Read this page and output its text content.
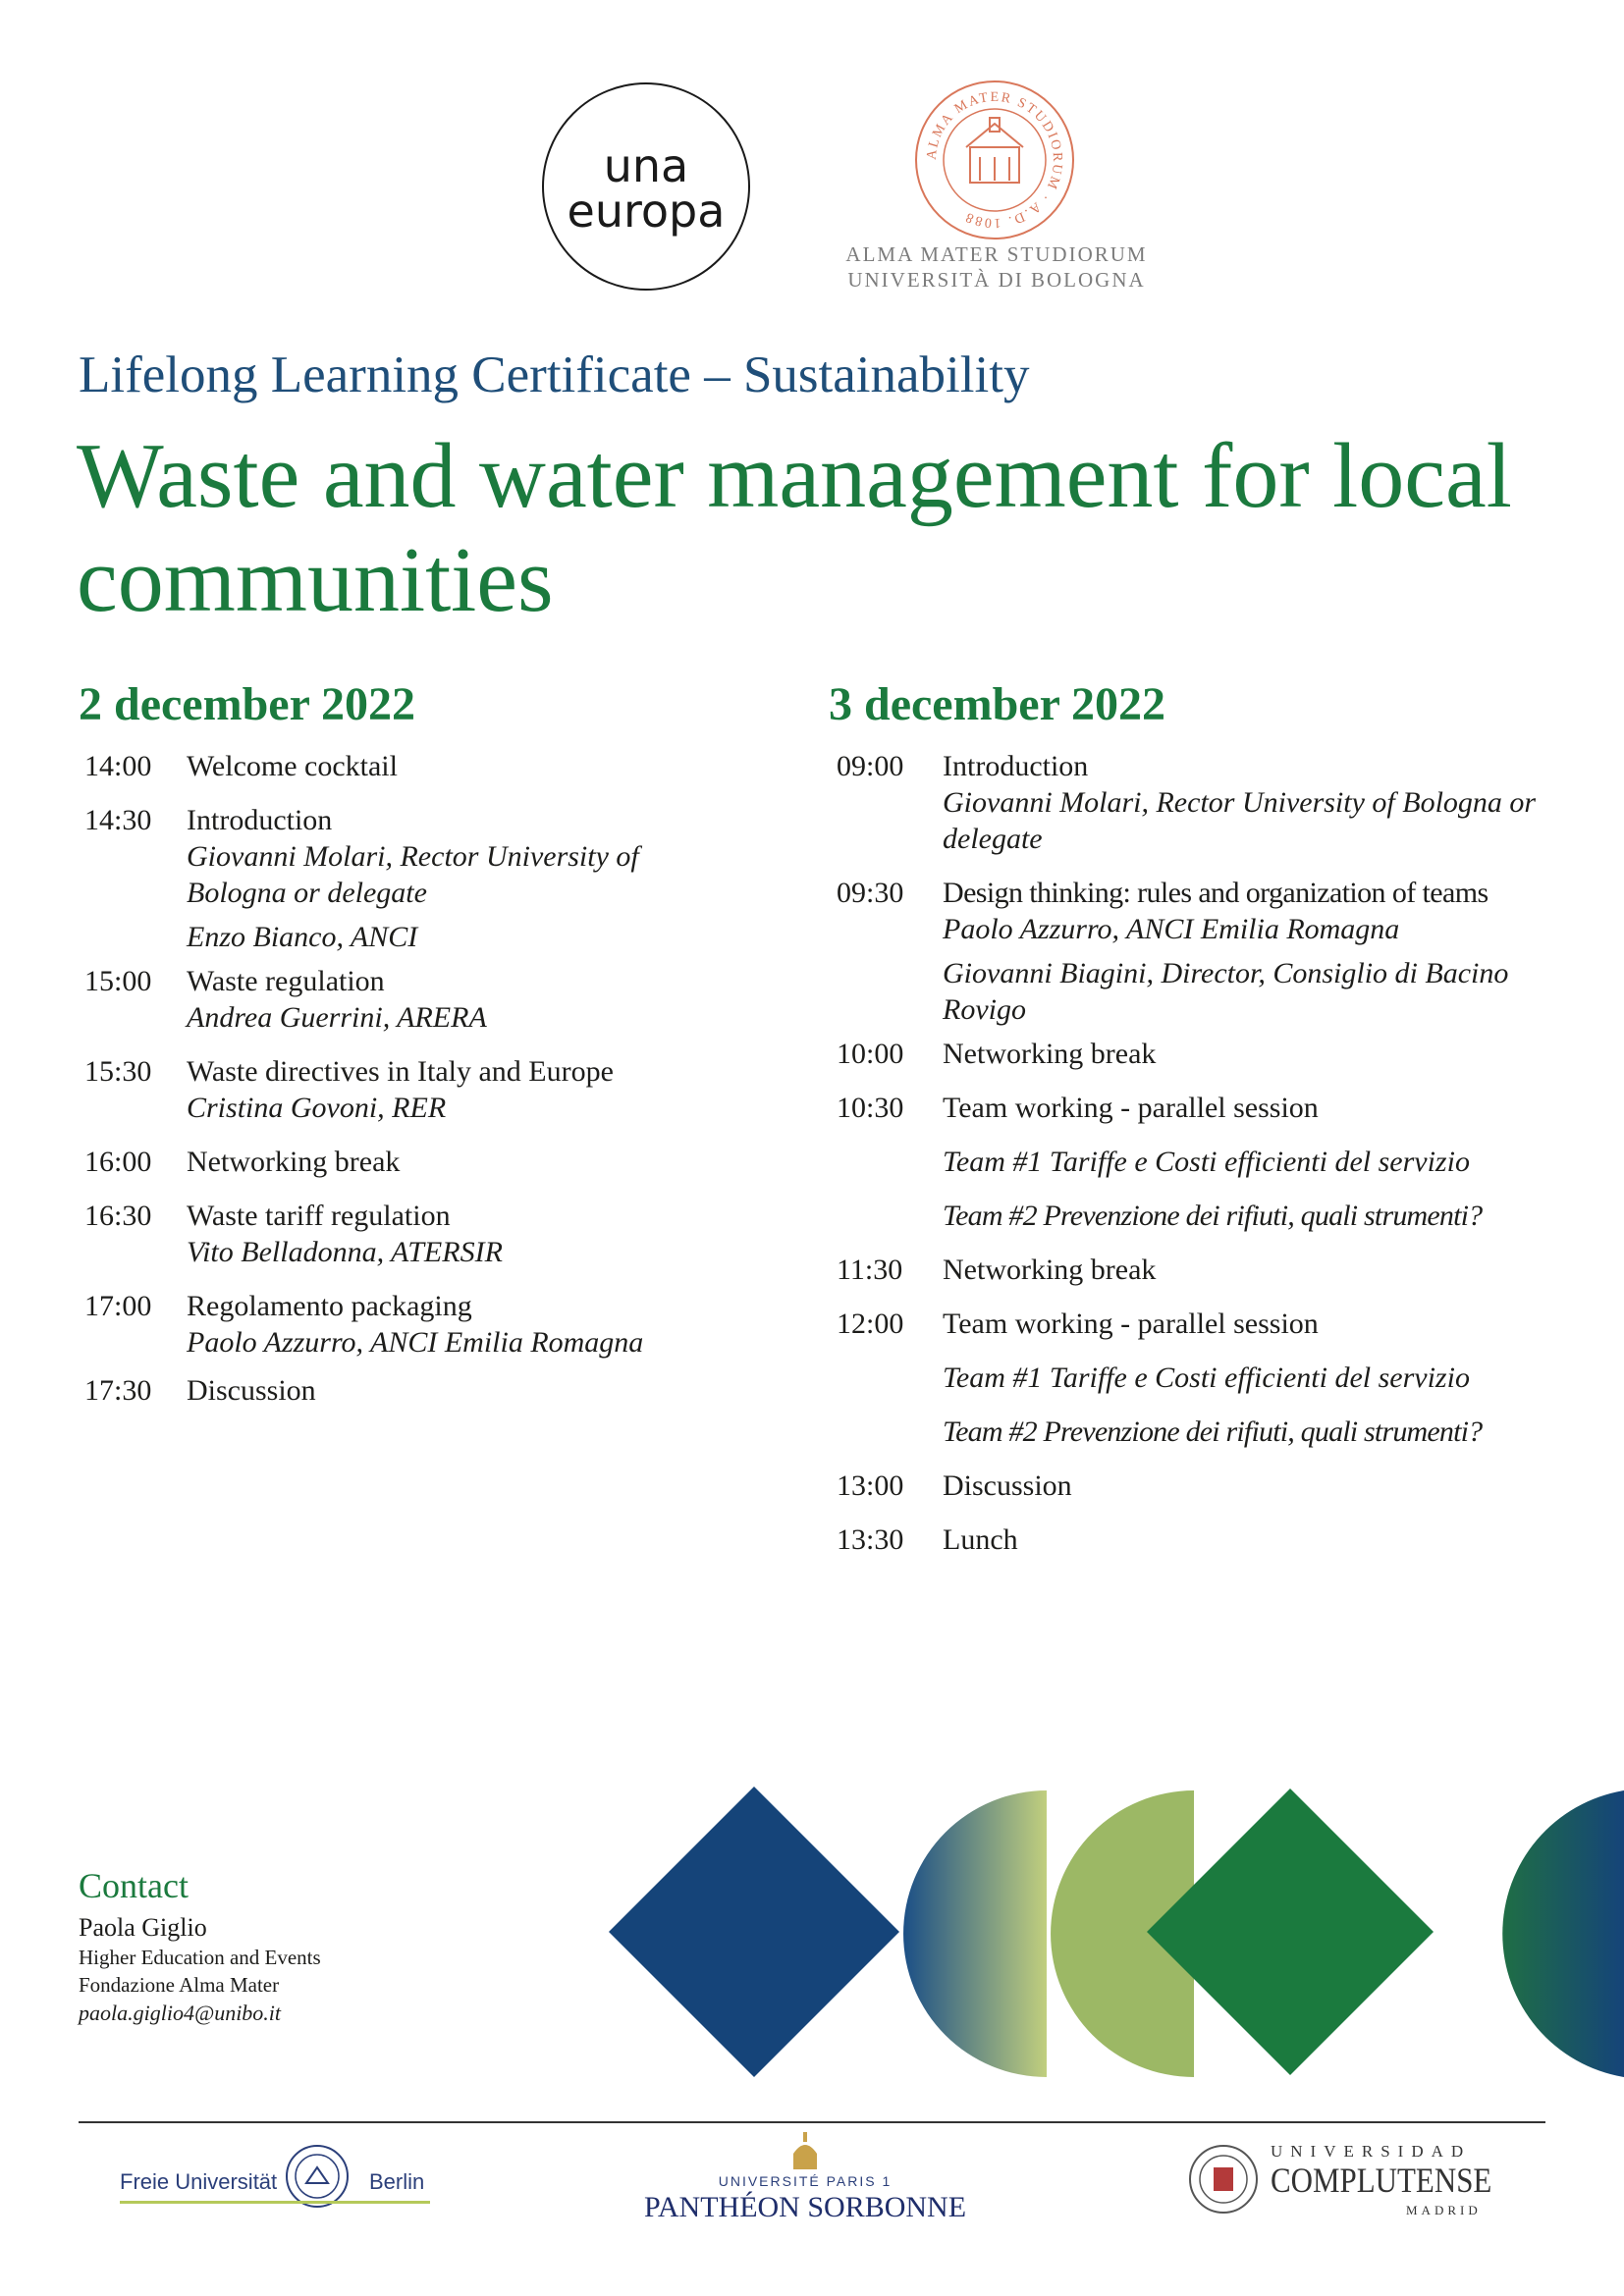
una
europa
ALMA MATER STUDIORUM · A.D. 1088
ALMA MATER STUDIORUM
UNIVERSITÀ DI BOLOGNA
Lifelong Learning Certificate – Sustainability
Waste and water management for local communities
2 december 2022	3 december 2022
14:00	Welcome cocktail
14:30	Introduction
Giovanni Molari, Rector University of Bologna or delegate
Enzo Bianco, ANCI
15:00	Waste regulation
Andrea Guerrini, ARERA
15:30	Waste directives in Italy and Europe
Cristina Govoni, RER
16:00	Networking break
16:30	Waste tariff regulation
Vito Belladonna, ATERSIR
17:00	Regolamento packaging
Paolo Azzurro, ANCI Emilia Romagna
17:30	Discussion
09:00	Introduction
Giovanni Molari, Rector University of Bologna or delegate
09:30	Design thinking: rules and organization of teams
Paolo Azzurro, ANCI Emilia Romagna
Giovanni Biagini, Director, Consiglio di Bacino Rovigo
10:00	Networking break
10:30	Team working - parallel session
Team #1 Tariffe e Costi efficienti del servizio
Team #2 Prevenzione dei rifiuti, quali strumenti?
11:30	Networking break
12:00	Team working - parallel session
Team #1 Tariffe e Costi efficienti del servizio
Team #2 Prevenzione dei rifiuti, quali strumenti?
13:00	Discussion
13:30	Lunch
Contact
Paola Giglio
Higher Education and Events
Fondazione Alma Mater
paola.giglio4@unibo.it
Freie Universität	Berlin	UNIVERSITÉ PARIS 1
PANTHÉON SORBONNE
UNIVERSIDAD
COMPLUTENSE
MADRID
